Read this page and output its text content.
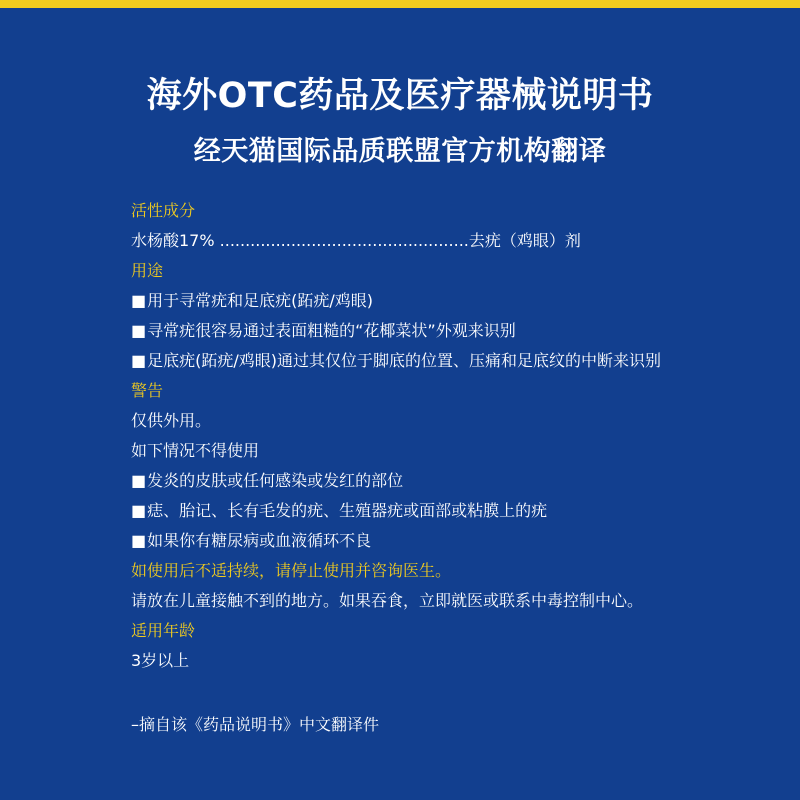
海外OTC药品及医疗器械说明书
经天猫国际品质联盟官方机构翻译

活性成分

水杨酸17% .................................................去疣（鸡眼）剂

用途

■ 用于寻常疣和足底疣(跖疣/鸡眼)
■ 寻常疣很容易通过表面粗糙的“花椰菜状”外观来识别
■ 足底疣(跖疣/鸡眼)通过其仅位于脚底的位置、压痛和足底纹的中断来识别

警告

仅供外用。

如下情况不得使用

■ 发炎的皮肤或任何感染或发红的部位
■ 痣、胎记、长有毛发的疣、生殖器疣或面部或粘膜上的疣
■ 如果你有糖尿病或血液循环不良

如使用后不适持续，请停止使用并咨询医生。

请放在儿童接触不到的地方。如果吞食，立即就医或联系中毒控制中心。

适用年龄

3岁以上

–摘自该《药品说明书》中文翻译件
